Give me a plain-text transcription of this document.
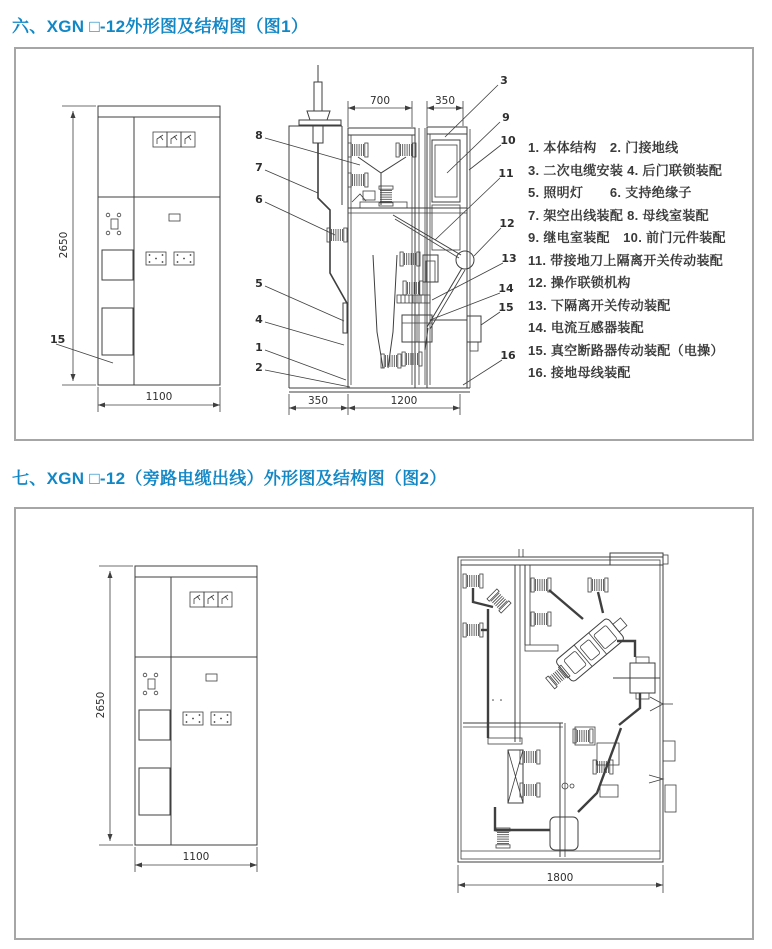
六、XGN □-12外形图及结构图（图1）
2650
1100
15
700	350
350	1200
8
7
6
5
4
1
2
3
9
10
11
12
13
14
15
16
1. 本体结构　2. 门接地线
3. 二次电缆安装 4. 后门联锁装配
5. 照明灯　　6. 支持绝缘子
7. 架空出线装配 8. 母线室装配
9. 继电室装配　10. 前门元件装配
11. 带接地刀上隔离开关传动装配
12. 操作联锁机构
13. 下隔离开关传动装配
14. 电流互感器装配
15. 真空断路器传动装配（电操）
16. 接地母线装配
七、XGN □-12（旁路电缆出线）外形图及结构图（图2）
2650
1100
1800
